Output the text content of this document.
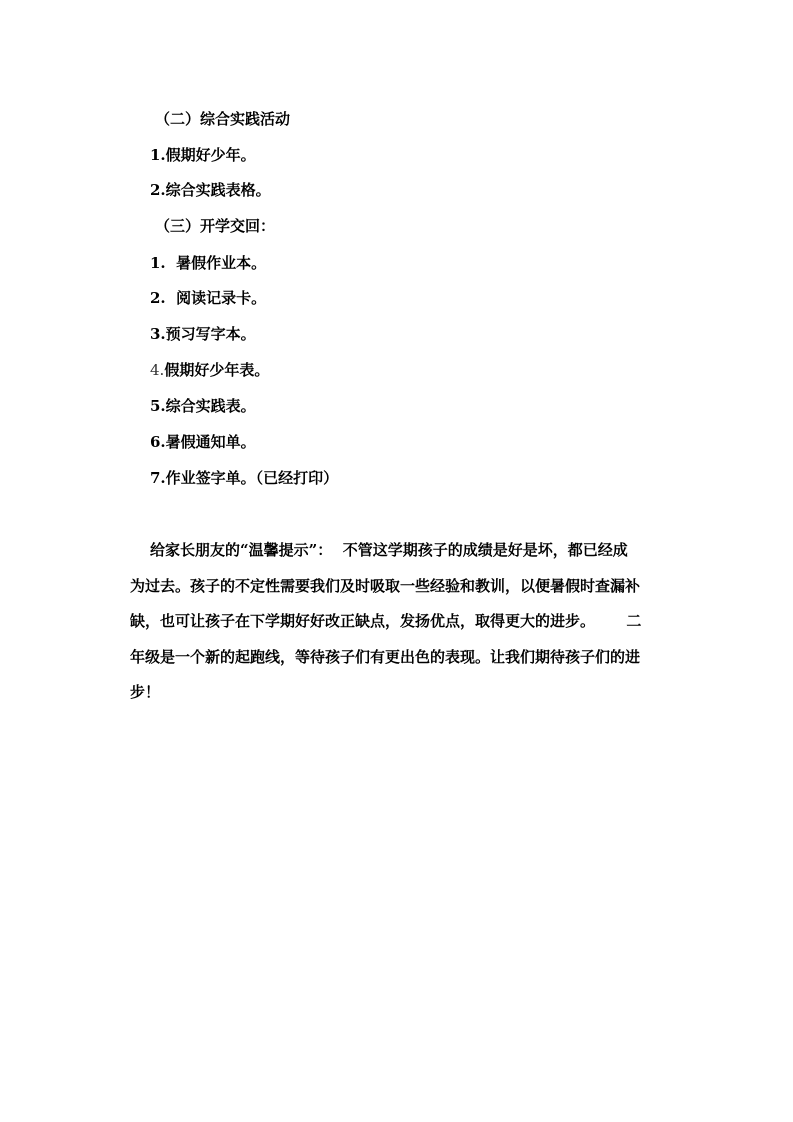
（二）综合实践活动
1.假期好少年。
2.综合实践表格。
（三）开学交回：
1.  暑假作业本。
2.  阅读记录卡。
3.预习写字本。
4.假期好少年表。
5.综合实践表。
6.暑假通知单。
7.作业签字单。（已经打印）
给家长朋友的“温馨提示”：  不管这学期孩子的成绩是好是坏，都已经成
为过去。孩子的不定性需要我们及时吸取一些经验和教训，以便暑假时查漏补
缺，也可让孩子在下学期好好改正缺点，发扬优点，取得更大的进步。      二
年级是一个新的起跑线，等待孩子们有更出色的表现。让我们期待孩子们的进
步！
